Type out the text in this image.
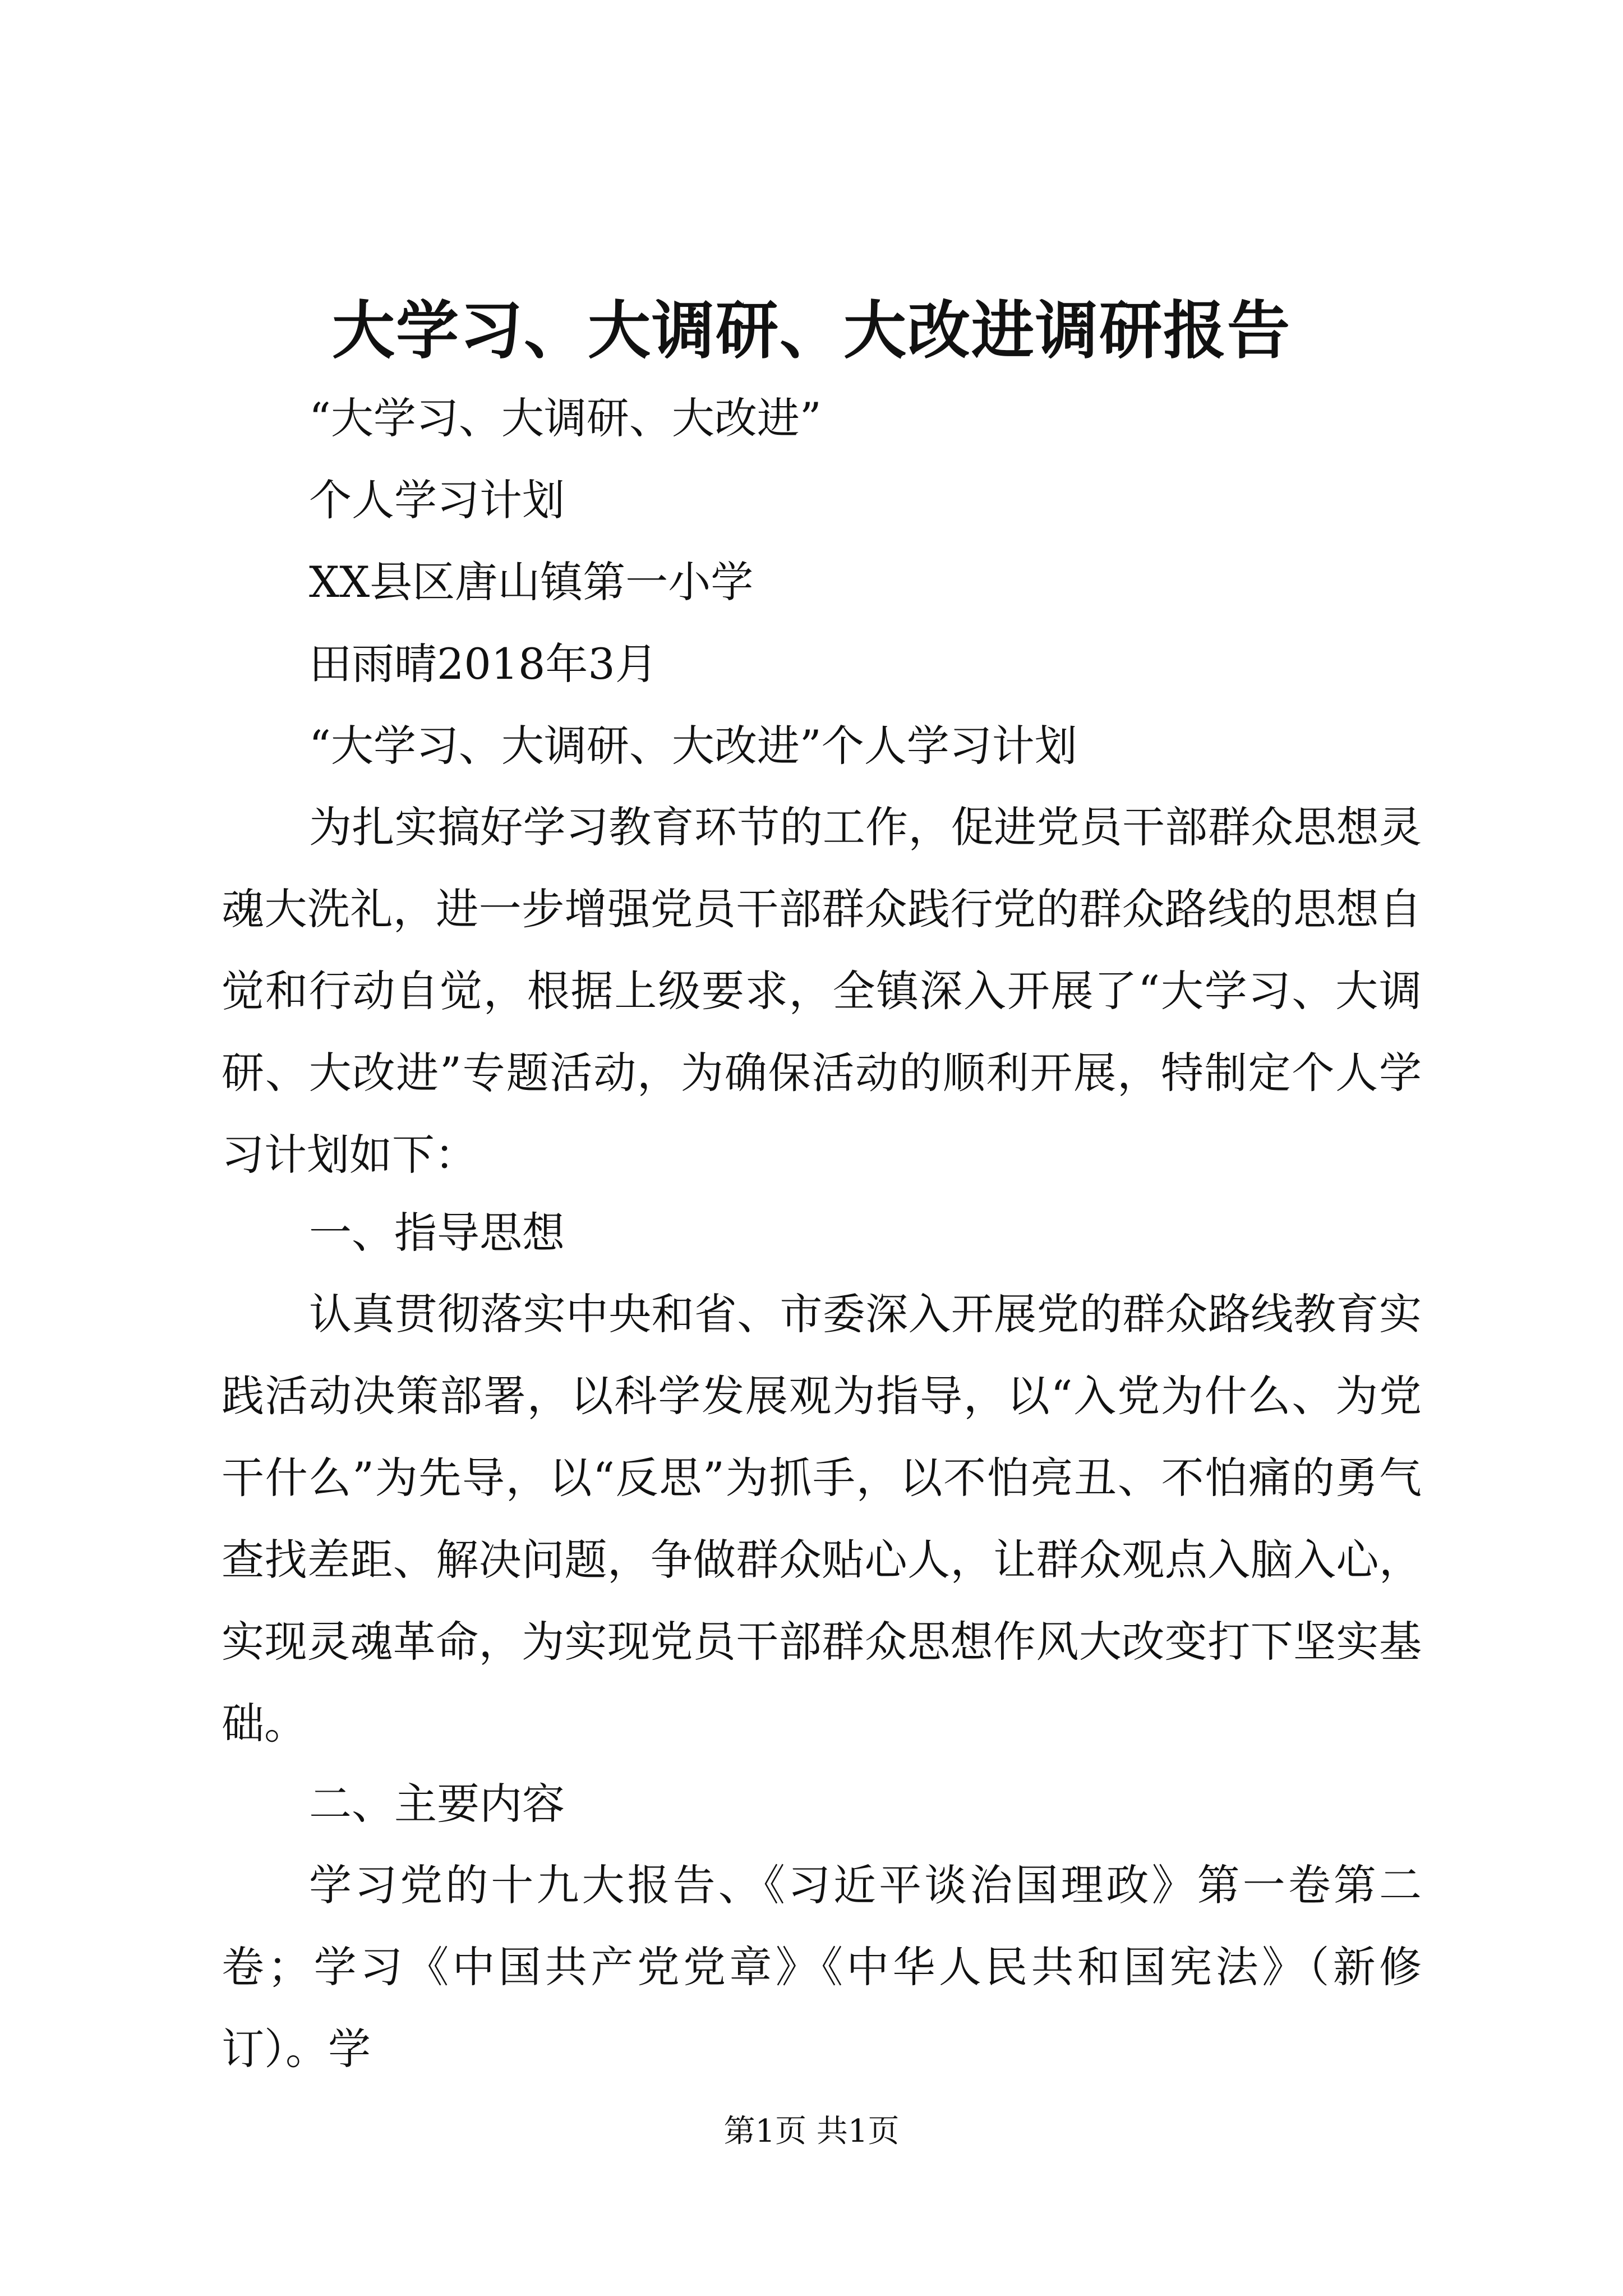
大学习、大调研、大改进调研报告

“大学习、大调研、大改进”

个人学习计划

XX县区唐山镇第一小学

田雨晴2018年3月

“大学习、大调研、大改进”个人学习计划

为扎实搞好学习教育环节的工作，促进党员干部群众思想灵魂大洗礼，进一步增强党员干部群众践行党的群众路线的思想自觉和行动自觉，根据上级要求，全镇深入开展了“大学习、大调研、大改进”专题活动，为确保活动的顺利开展，特制定个人学习计划如下：

一、指导思想

认真贯彻落实中央和省、市委深入开展党的群众路线教育实践活动决策部署，以科学发展观为指导，以“入党为什么、为党干什么”为先导，以“反思”为抓手，以不怕亮丑、不怕痛的勇气查找差距、解决问题，争做群众贴心人，让群众观点入脑入心，实现灵魂革命，为实现党员干部群众思想作风大改变打下坚实基础。

二、主要内容

学习党的十九大报告、《习近平谈治国理政》第一卷第二卷；学习《中国共产党党章》《中华人民共和国宪法》（新修订）。学

第1页 共1页
